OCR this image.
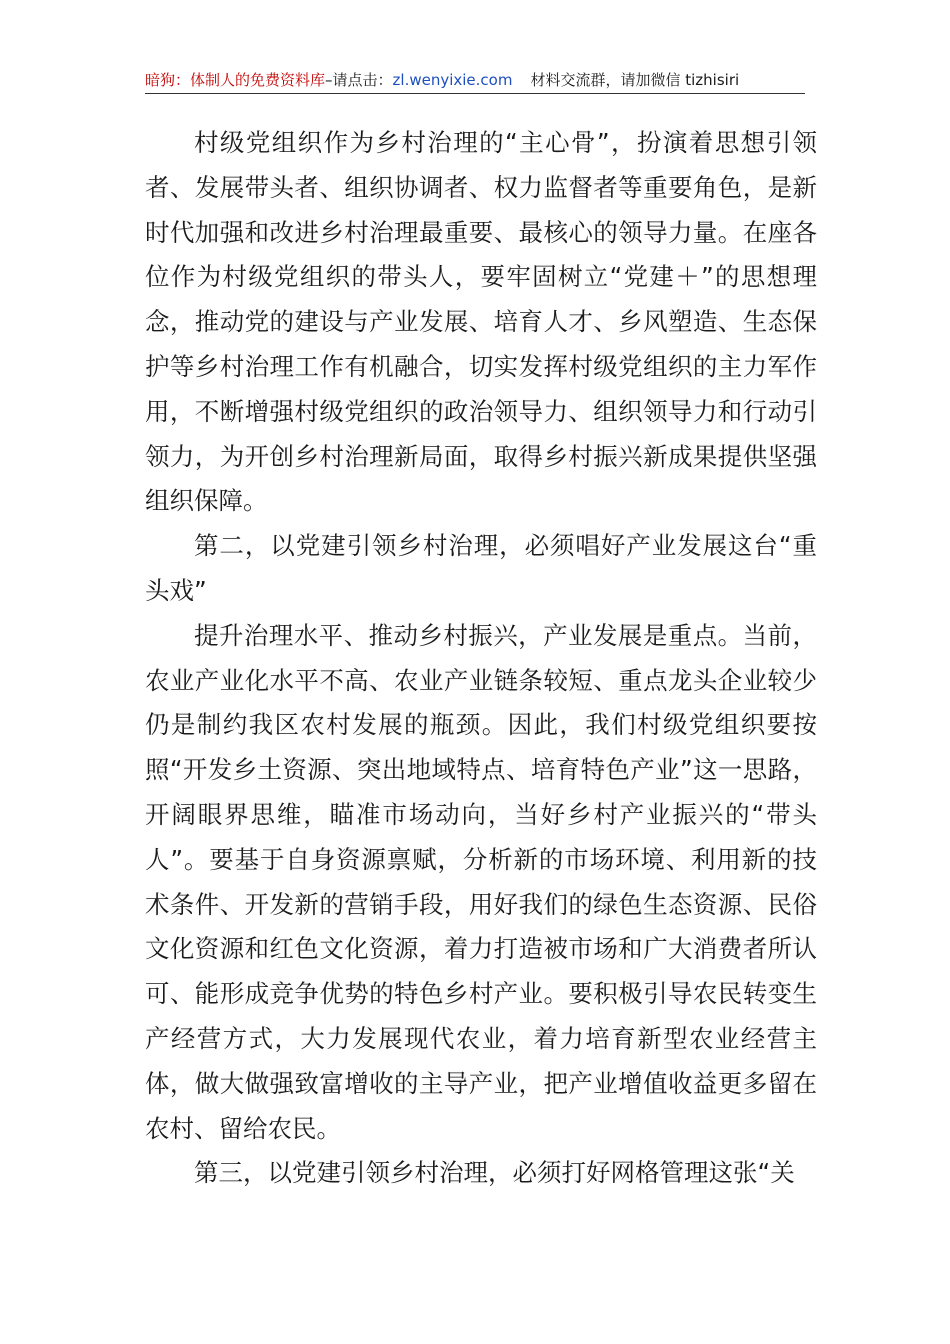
暗狗：体制人的免费资料库–请点击：zl.wenyixie.com 材料交流群，请加微信 tizhisiri

村级党组织作为乡村治理的“主心骨”，扮演着思想引领者、发展带头者、组织协调者、权力监督者等重要角色，是新时代加强和改进乡村治理最重要、最核心的领导力量。在座各位作为村级党组织的带头人，要牢固树立“党建＋”的思想理念，推动党的建设与产业发展、培育人才、乡风塑造、生态保护等乡村治理工作有机融合，切实发挥村级党组织的主力军作用，不断增强村级党组织的政治领导力、组织领导力和行动引领力，为开创乡村治理新局面，取得乡村振兴新成果提供坚强组织保障。

第二，以党建引领乡村治理，必须唱好产业发展这台“重头戏”

提升治理水平、推动乡村振兴，产业发展是重点。当前，农业产业化水平不高、农业产业链条较短、重点龙头企业较少仍是制约我区农村发展的瓶颈。因此，我们村级党组织要按照“开发乡土资源、突出地域特点、培育特色产业”这一思路，开阔眼界思维，瞄准市场动向，当好乡村产业振兴的“带头人”。要基于自身资源禀赋，分析新的市场环境、利用新的技术条件、开发新的营销手段，用好我们的绿色生态资源、民俗文化资源和红色文化资源，着力打造被市场和广大消费者所认可、能形成竞争优势的特色乡村产业。要积极引导农民转变生产经营方式，大力发展现代农业，着力培育新型农业经营主体，做大做强致富增收的主导产业，把产业增值收益更多留在农村、留给农民。

第三，以党建引领乡村治理，必须打好网格管理这张“关
